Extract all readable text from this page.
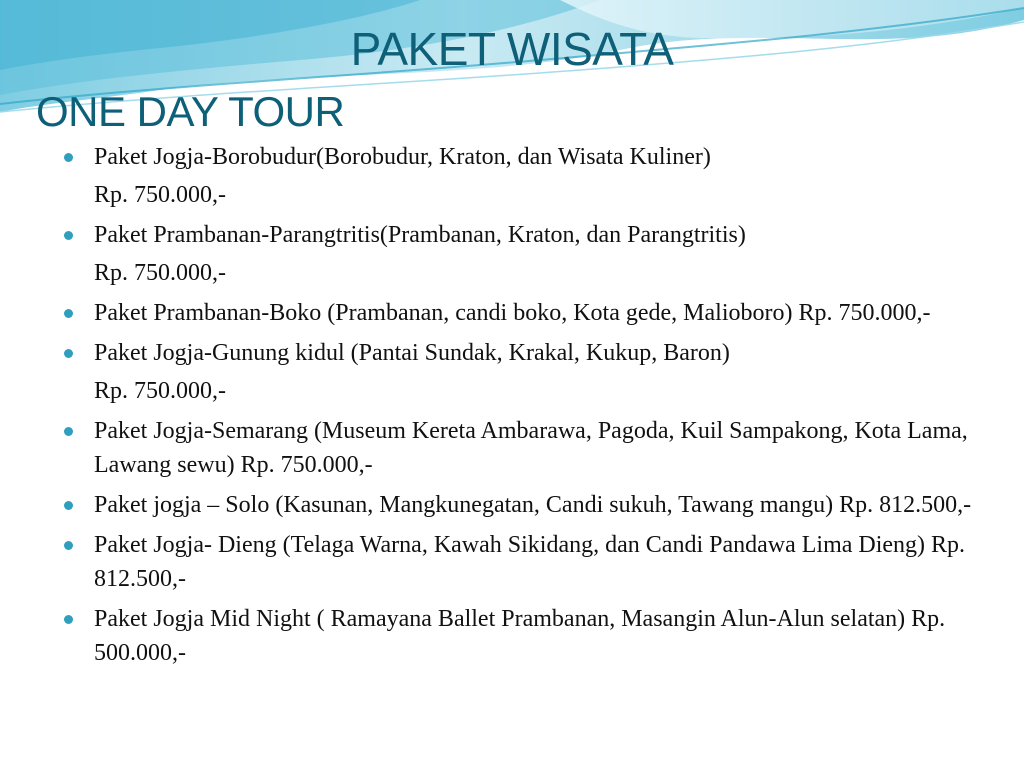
PAKET WISATA
ONE DAY TOUR
Paket Jogja-Borobudur(Borobudur, Kraton, dan Wisata Kuliner)
Rp. 750.000,-
Paket Prambanan-Parangtritis(Prambanan, Kraton, dan Parangtritis)
Rp. 750.000,-
Paket Prambanan-Boko (Prambanan, candi boko, Kota gede, Malioboro) Rp. 750.000,-
Paket Jogja-Gunung kidul (Pantai Sundak, Krakal, Kukup, Baron)
Rp. 750.000,-
Paket Jogja-Semarang (Museum Kereta Ambarawa, Pagoda, Kuil Sampakong, Kota Lama, Lawang sewu) Rp. 750.000,-
Paket jogja – Solo (Kasunan, Mangkunegatan, Candi sukuh, Tawang mangu) Rp. 812.500,-
Paket Jogja- Dieng (Telaga Warna, Kawah Sikidang, dan Candi Pandawa Lima Dieng) Rp. 812.500,-
Paket Jogja Mid Night ( Ramayana Ballet Prambanan, Masangin Alun-Alun selatan) Rp. 500.000,-
